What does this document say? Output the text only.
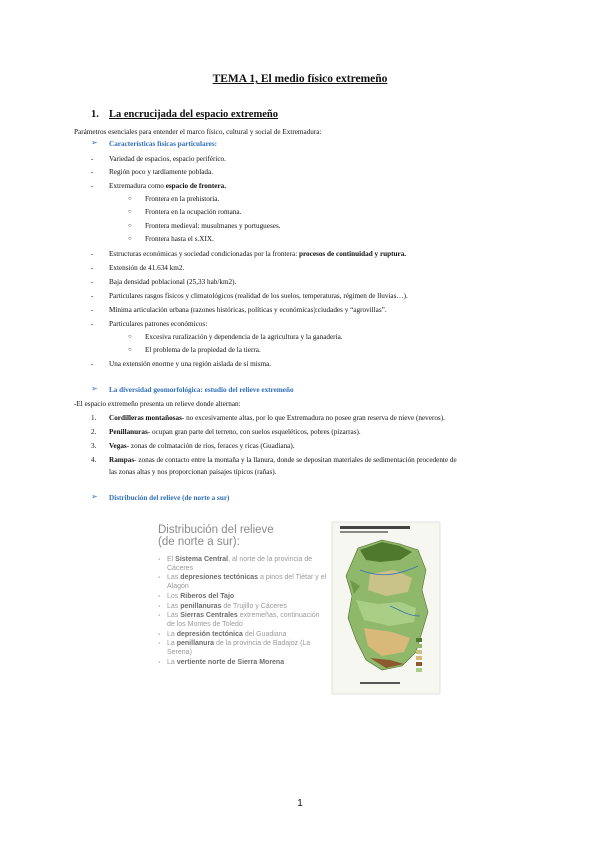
TEMA 1, El medio físico extremeño
1. La encrucijada del espacio extremeño
Parámetros esenciales para entender el marco físico, cultural y social de Extremadura:
➢ Características físicas particulares:
- Variedad de espacios, espacio periférico.
- Región poco y tardíamente poblada.
- Extremadura como espacio de frontera.
○ Frontera en la prehistoria.
○ Frontera en la ocupación romana.
○ Frontera medieval: musulmanes y portugueses.
○ Frontera hasta el s.XIX.
- Estructuras económicas y sociedad condicionadas por la frontera: procesos de continuidad y ruptura.
- Extensión de 41.634 km2.
- Baja densidad poblacional (25,33 hab/km2).
- Particulares rasgos físicos y climatológicos (realidad de los suelos, temperaturas, régimen de lluvias…).
- Mínima articulación urbana (razones históricas, políticas y económicas):ciudades y “agrovillas”.
- Particulares patrones económicos:
○ Excesiva ruralización y dependencia de la agricultura y la ganadería.
○ El problema de la propiedad de la tierra.
- Una extensión enorme y una región aislada de sí misma.
➢ La diversidad geomorfológica: estudio del relieve extremeño
-El espacio extremeño presenta un relieve donde alternan:
1. Cordilleras montañosas- no excesivamente altas, por lo que Extremadura no posee gran reserva de nieve (neveros).
2. Penillanuras- ocupan gran parte del terreno, con suelos esqueléticos, pobres (pizarras).
3. Vegas- zonas de colmatación de ríos, feraces y ricas (Guadiana).
4. Rampas- zonas de contacto entre la montaña y la llanura, donde se depositan materiales de sedimentación procedente de
las zonas altas y nos proporcionan paisajes típicos (rañas).
➢ Distribución del relieve (de norte a sur)
Distribución del relieve
(de norte a sur):
▪ El Sistema Central, al norte de la provincia de Cáceres
▪ Las depresiones tectónicas a pinos del Tiétar y el Alagón
▪ Los Riberos del Tajo
▪ Las penillanuras de Trujillo y Cáceres
▪ Las Sierras Centrales extremeñas, continuación de los Montes de Toledo
▪ La depresión tectónica del Guadiana
▪ La penillanura de la provincia de Badajoz (La Serena)
▪ La vertiente norte de Sierra Morena
1
